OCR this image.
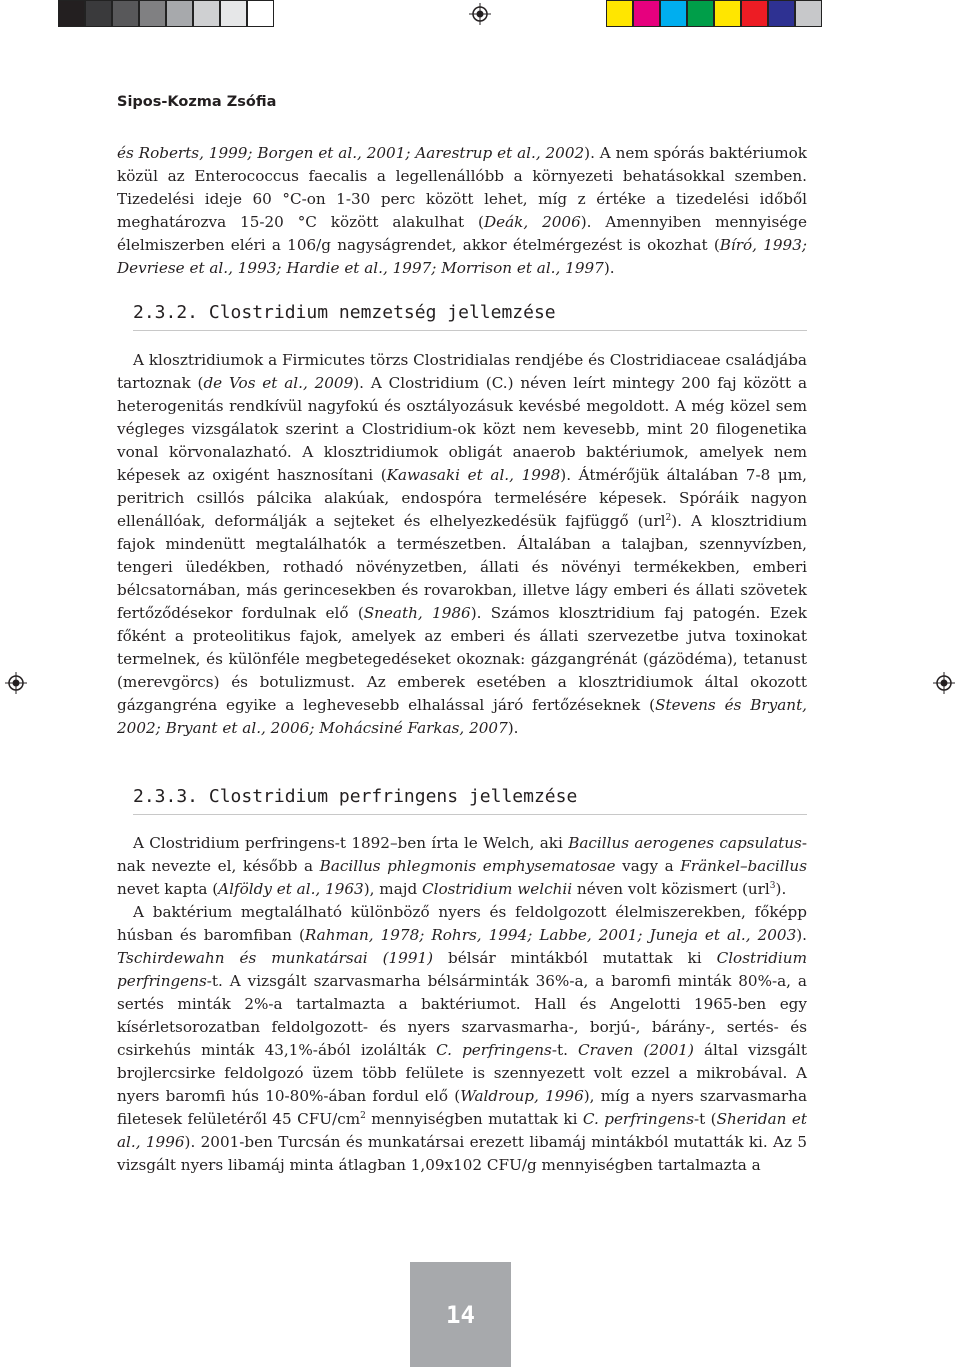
Sipos-Kozma Zsófia

és Roberts, 1999; Borgen et al., 2001; Aarestrup et al., 2002). A nem spórás baktériumok közül az Enterococcus faecalis a legellenállóbb a környezeti behatásokkal szemben. Tizedelési ideje 60 °C-on 1-30 perc között lehet, míg z értéke a tizedelési időből meghatározva 15-20 °C között alakulhat (Deák, 2006). Amennyiben mennyisége élelmiszerben eléri a 106/g nagyságrendet, akkor ételmérgezést is okozhat (Bíró, 1993; Devriese et al., 1993; Hardie et al., 1997; Morrison et al., 1997).

2.3.2. Clostridium nemzetség jellemzése

A klosztridiumok a Firmicutes törzs Clostridialas rendjébe és Clostridiaceae családjába tartoznak (de Vos et al., 2009). A Clostridium (C.) néven leírt mintegy 200 faj között a heterogenitás rendkívül nagyfokú és osztályozásuk kevésbé megoldott. A még közel sem végleges vizsgálatok szerint a Clostridium-ok közt nem kevesebb, mint 20 filogenetika vonal körvonalazható. A klosztridiumok obligát anaerob baktériumok, amelyek nem képesek az oxigént hasznosítani (Kawasaki et al., 1998). Átmérőjük általában 7-8 μm, peritrich csillós pálcika alakúak, endospóra termelésére képesek. Spóráik nagyon ellenállóak, deformálják a sejteket és elhelyezkedésük fajfüggő (url$^2$). A klosztridium fajok mindenütt megtalálhatók a természetben. Általában a talajban, szennyvízben, tengeri üledékben, rothadó növényzetben, állati és növényi termékekben, emberi bélcsatornában, más gerincesekben és rovarokban, illetve lágy emberi és állati szövetek fertőződésekor fordulnak elő (Sneath, 1986). Számos klosztridium faj patogén. Ezek főként a proteolitikus fajok, amelyek az emberi és állati szervezetbe jutva toxinokat termelnek, és különféle megbetegedéseket okoznak: gázgangrénát (gázödéma), tetanust (merevgörcs) és botulizmust. Az emberek esetében a klosztridiumok által okozott gázgangréna egyike a leghevesebb elhalással járó fertőzéseknek (Stevens és Bryant, 2002; Bryant et al., 2006; Mohácsiné Farkas, 2007).

2.3.3. Clostridium perfringens jellemzése

A Clostridium perfringens-t 1892–ben írta le Welch, aki Bacillus aerogenes capsulatus-nak nevezte el, később a Bacillus phlegmonis emphysematosae vagy a Fränkel–bacillus nevet kapta (Alföldy et al., 1963), majd Clostridium welchii néven volt közismert (url$^3$).

A baktérium megtalálható különböző nyers és feldolgozott élelmiszerekben, főképp húsban és baromfiban (Rahman, 1978; Rohrs, 1994; Labbe, 2001; Juneja et al., 2003). Tschirdewahn és munkatársai (1991) bélsár mintákból mutattak ki Clostridium perfringens-t. A vizsgált szarvasmarha bélsárminták 36%-a, a baromfi minták 80%-a, a sertés minták 2%-a tartalmazta a baktériumot. Hall és Angelotti 1965-ben egy kísérletsorozatban feldolgozott- és nyers szarvasmarha-, borjú-, bárány-, sertés- és csirkehús minták 43,1%-ából izolálták C. perfringens-t. Craven (2001) által vizsgált brojlercsirke feldolgozó üzem több felülete is szennyezett volt ezzel a mikrobával. A nyers baromfi hús 10-80%-ában fordul elő (Waldroup, 1996), míg a nyers szarvasmarha filetesek felületéről 45 CFU/$cm^2$ mennyiségben mutattak ki C. perfringens-t (Sheridan et al., 1996). 2001-ben Turcsán és munkatársai erezett libamáj mintákból mutatták ki. Az 5 vizsgált nyers libamáj minta átlagban 1,09x102 CFU/g mennyiségben tartalmazta a

14
